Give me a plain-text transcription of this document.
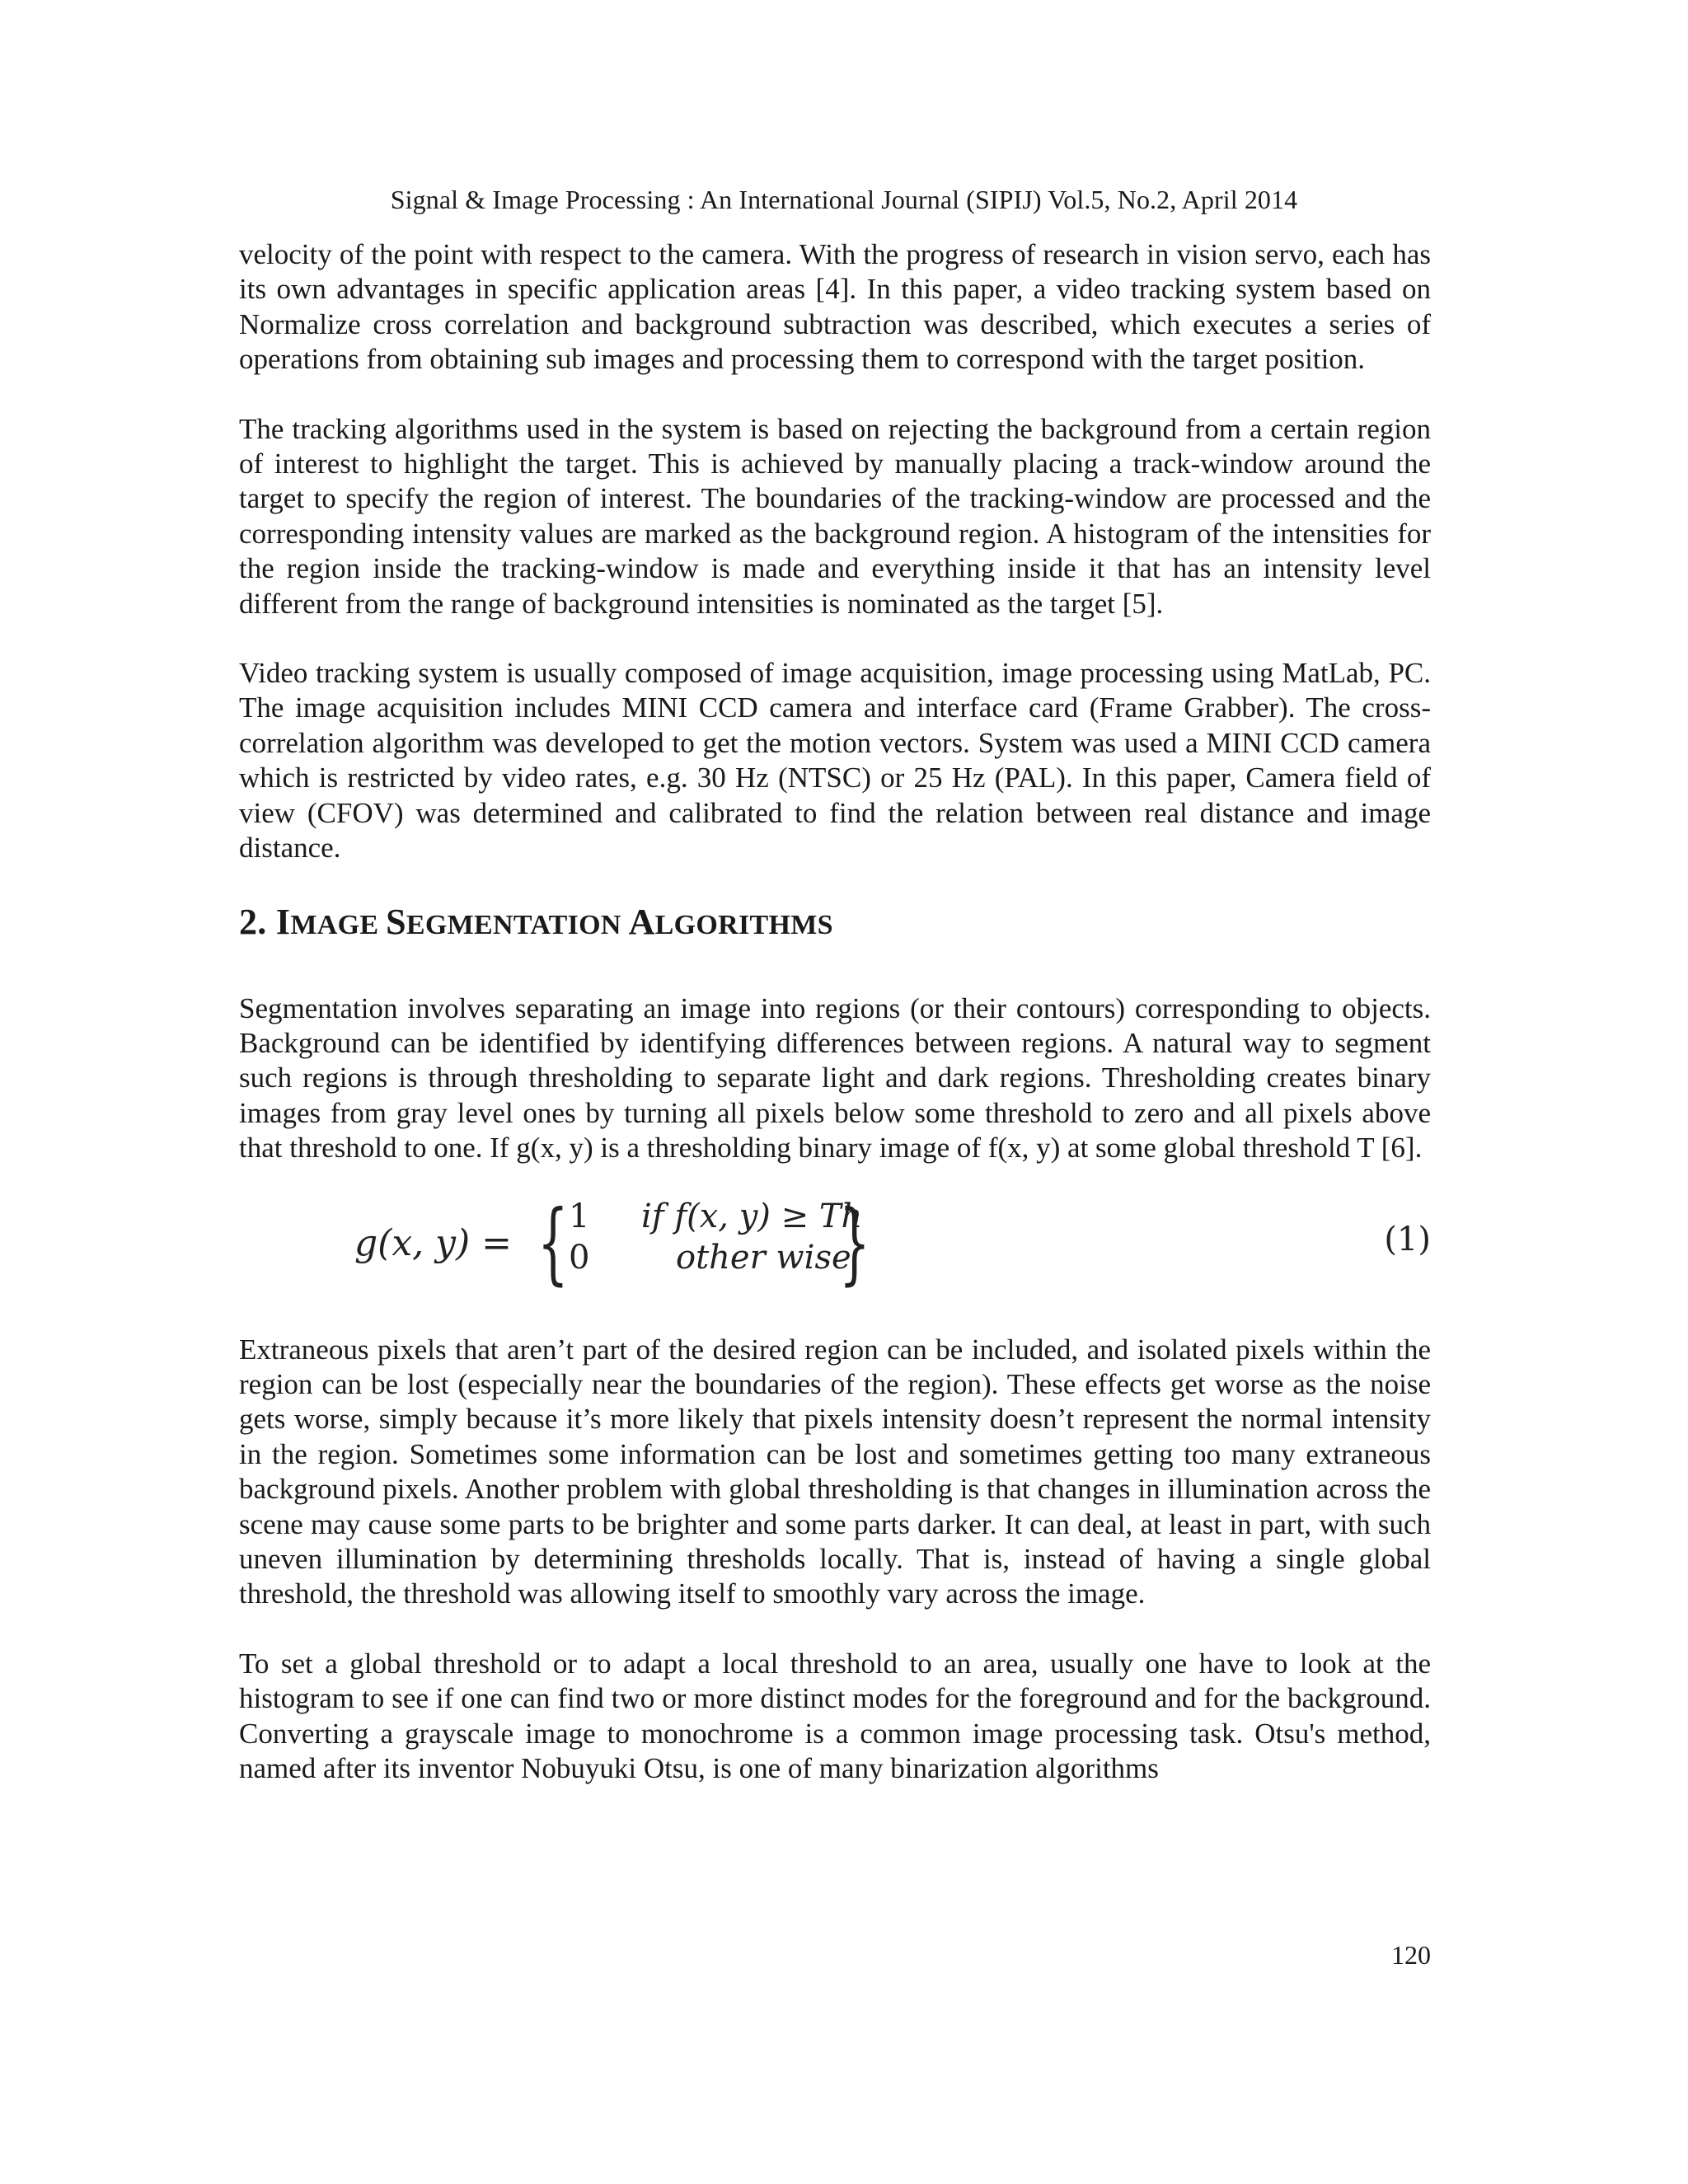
Signal & Image Processing : An International Journal (SIPIJ) Vol.5, No.2, April 2014

velocity of the point with respect to the camera. With the progress of research in vision servo, each has its own advantages in specific application areas [4]. In this paper, a video tracking system based on Normalize cross correlation and background subtraction was described, which executes a series of operations from obtaining sub images and processing them to correspond with the target position.

The tracking algorithms used in the system is based on rejecting the background from a certain region of interest to highlight the target. This is achieved by manually placing a track-window around the target to specify the region of interest. The boundaries of the tracking-window are processed and the corresponding intensity values are marked as the background region. A histogram of the intensities for the region inside the tracking-window is made and everything inside it that has an intensity level different from the range of background intensities is nominated as the target [5].

Video tracking system is usually composed of image acquisition, image processing using MatLab, PC. The image acquisition includes MINI CCD camera and interface card (Frame Grabber). The cross-correlation algorithm was developed to get the motion vectors. System was used a MINI CCD camera which is restricted by video rates, e.g. 30 Hz (NTSC) or 25 Hz (PAL). In this paper, Camera field of view (CFOV) was determined and calibrated to find the relation between real distance and image distance.

2. IMAGE SEGMENTATION ALGORITHMS

Segmentation involves separating an image into regions (or their contours) corresponding to objects. Background can be identified by identifying differences between regions. A natural way to segment such regions is through thresholding to separate light and dark regions. Thresholding creates binary images from gray level ones by turning all pixels below some threshold to zero and all pixels above that threshold to one. If g(x, y) is a thresholding binary image of f(x, y) at some global threshold T [6].

g(x, y) = { 1 if f(x, y) ≥ Th
0	other wise
}	(1)

Extraneous pixels that aren’t part of the desired region can be included, and isolated pixels within the region can be lost (especially near the boundaries of the region). These effects get worse as the noise gets worse, simply because it’s more likely that pixels intensity doesn’t represent the normal intensity in the region. Sometimes some information can be lost and sometimes getting too many extraneous background pixels. Another problem with global thresholding is that changes in illumination across the scene may cause some parts to be brighter and some parts darker. It can deal, at least in part, with such uneven illumination by determining thresholds locally. That is, instead of having a single global threshold, the threshold was allowing itself to smoothly vary across the image.

To set a global threshold or to adapt a local threshold to an area, usually one have to look at the histogram to see if one can find two or more distinct modes for the foreground and for the background. Converting a grayscale image to monochrome is a common image processing task. Otsu's method, named after its inventor Nobuyuki Otsu, is one of many binarization algorithms

120
